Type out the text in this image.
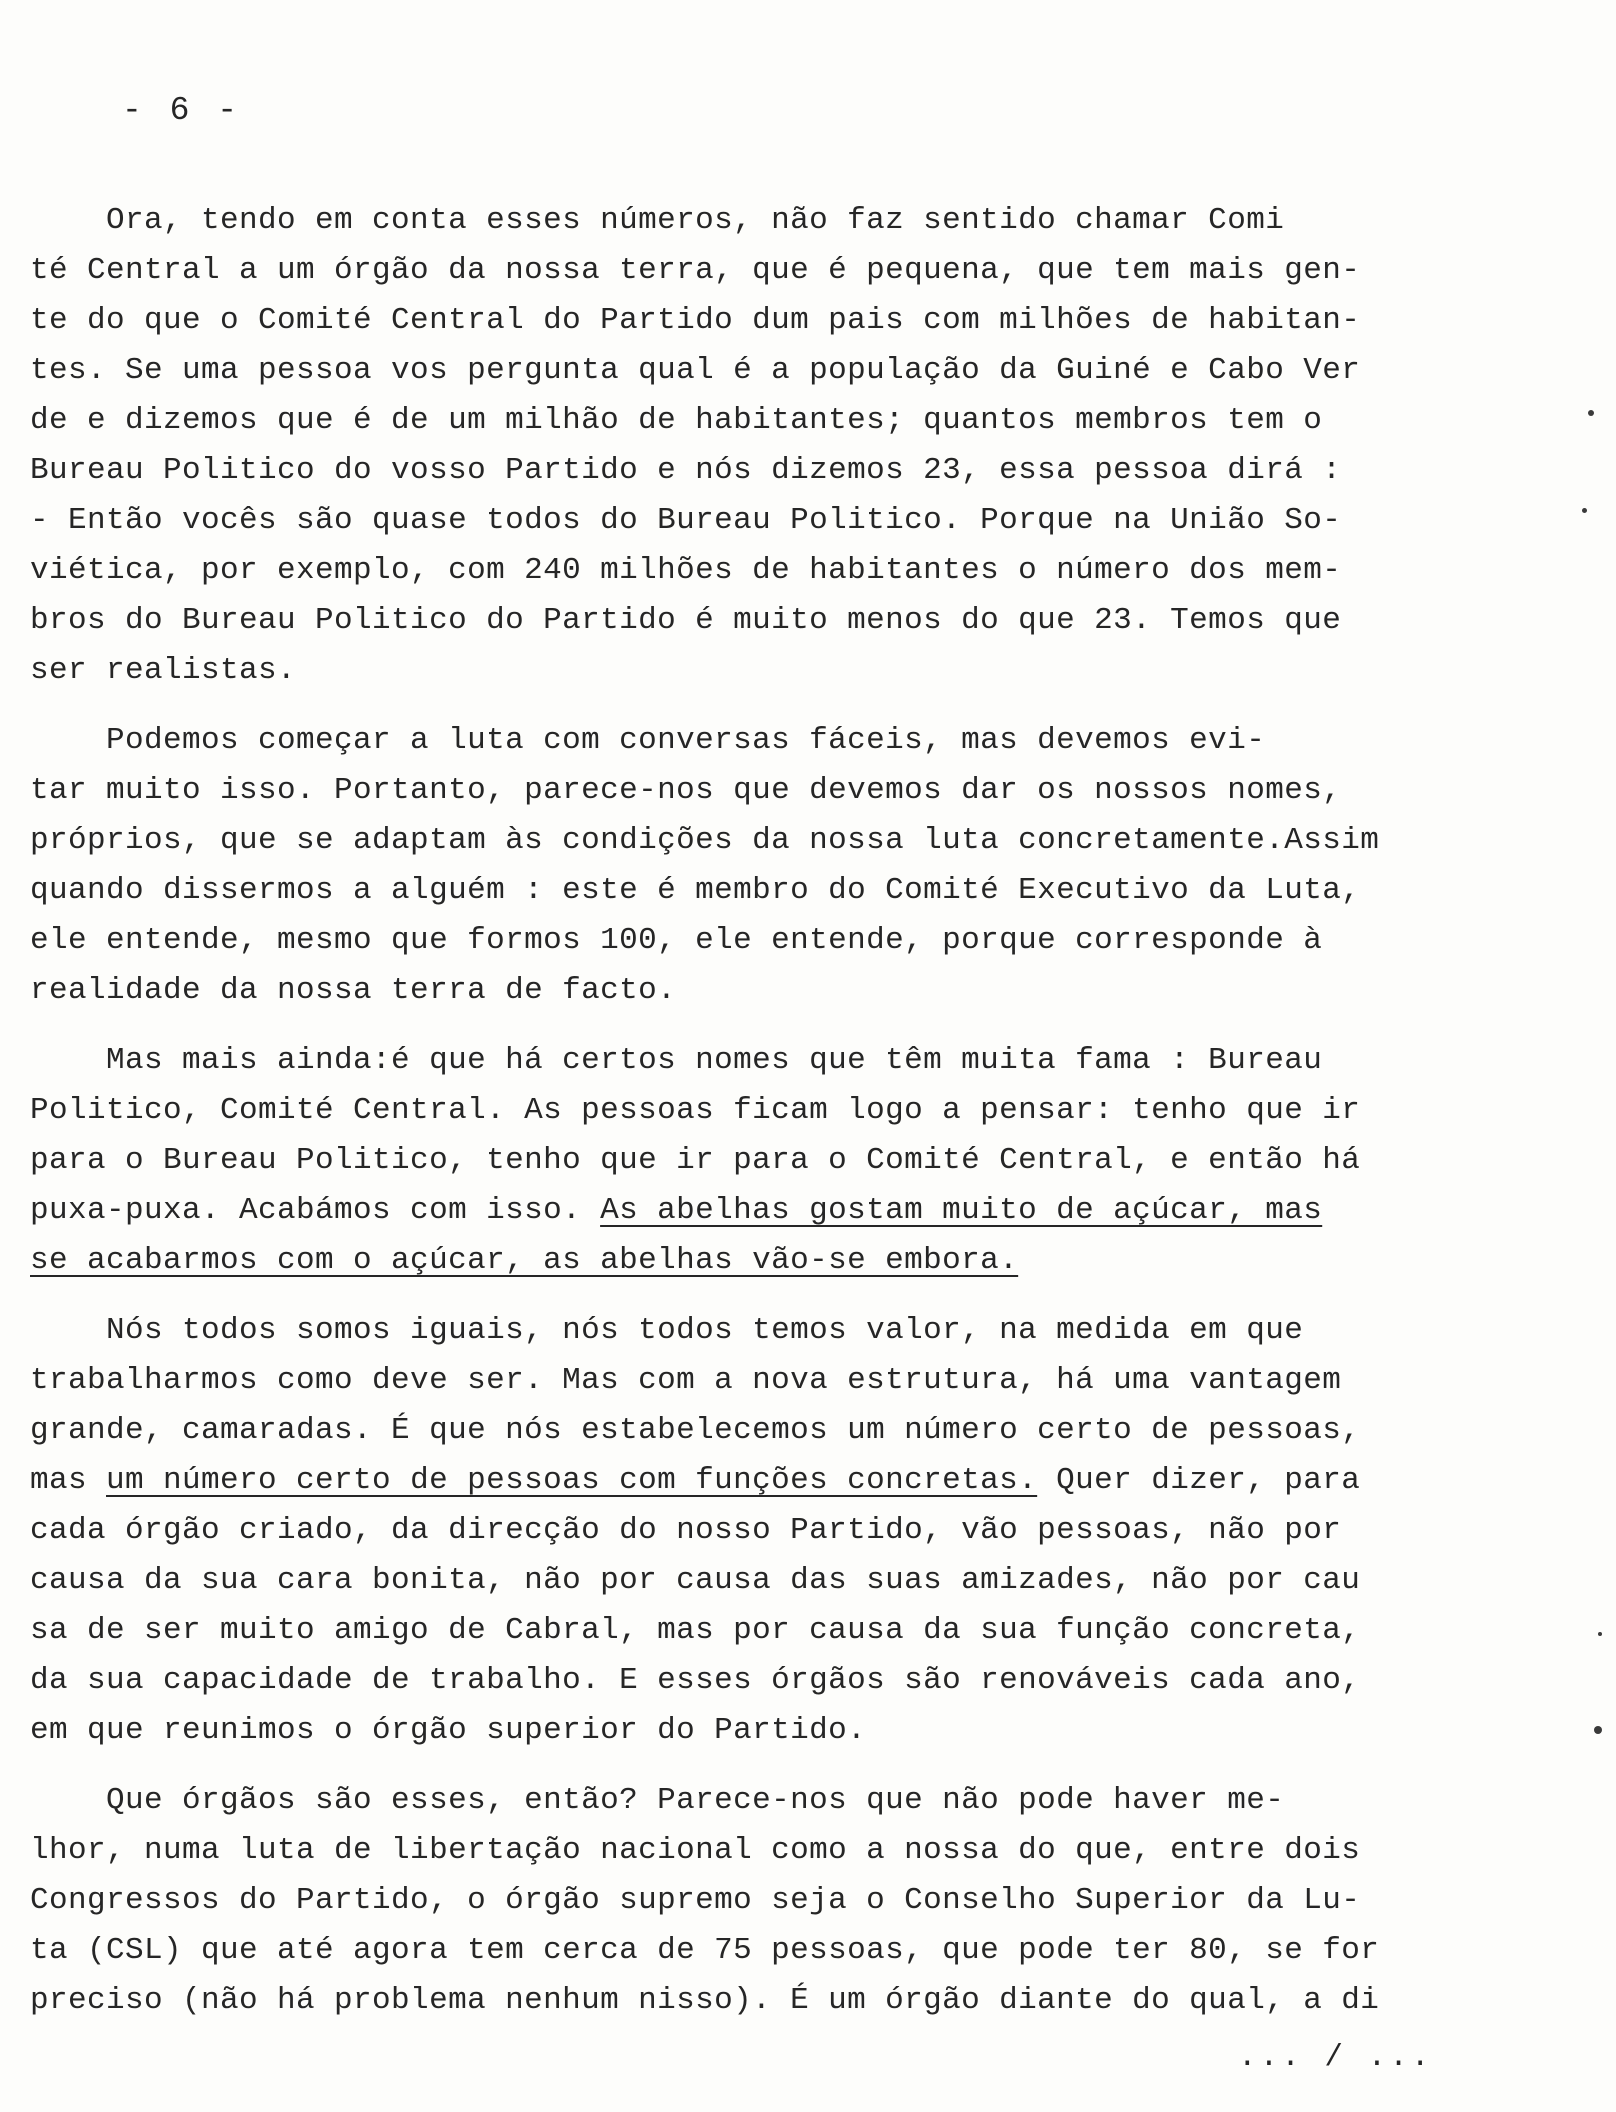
- 6 -
Ora, tendo em conta esses números, não faz sentido chamar Comi
té Central a um órgão da nossa terra, que é pequena, que tem mais gen-
te do que o Comité Central do Partido dum pais com milhões de habitan-
tes. Se uma pessoa vos pergunta qual é a população da Guiné e Cabo Ver
de e dizemos que é de um milhão de habitantes; quantos membros tem o
Bureau Politico do vosso Partido e nós dizemos 23, essa pessoa dirá :
- Então vocês são quase todos do Bureau Politico. Porque na União So-
viética, por exemplo, com 240 milhões de habitantes o número dos mem-
bros do Bureau Politico do Partido é muito menos do que 23. Temos que
ser realistas.
Podemos começar a luta com conversas fáceis, mas devemos evi-
tar muito isso. Portanto, parece-nos que devemos dar os nossos nomes,
próprios, que se adaptam às condições da nossa luta concretamente.Assim
quando dissermos a alguém : este é membro do Comité Executivo da Luta,
ele entende, mesmo que formos 100, ele entende, porque corresponde à
realidade da nossa terra de facto.
Mas mais ainda:é que há certos nomes que têm muita fama : Bureau
Politico, Comité Central. As pessoas ficam logo a pensar: tenho que ir
para o Bureau Politico, tenho que ir para o Comité Central, e então há
puxa-puxa. Acabámos com isso. As abelhas gostam muito de açúcar, mas
se acabarmos com o açúcar, as abelhas vão-se embora.
Nós todos somos iguais, nós todos temos valor, na medida em que
trabalharmos como deve ser. Mas com a nova estrutura, há uma vantagem
grande, camaradas. É que nós estabelecemos um número certo de pessoas,
mas um número certo de pessoas com funções concretas. Quer dizer, para
cada órgão criado, da direcção do nosso Partido, vão pessoas, não por
causa da sua cara bonita, não por causa das suas amizades, não por cau
sa de ser muito amigo de Cabral, mas por causa da sua função concreta,
da sua capacidade de trabalho. E esses órgãos são renováveis cada ano,
em que reunimos o órgão superior do Partido.
Que órgãos são esses, então? Parece-nos que não pode haver me-
lhor, numa luta de libertação nacional como a nossa do que, entre dois
Congressos do Partido, o órgão supremo seja o Conselho Superior da Lu-
ta (CSL) que até agora tem cerca de 75 pessoas, que pode ter 80, se for
preciso (não há problema nenhum nisso). É um órgão diante do qual, a di
... / ...
